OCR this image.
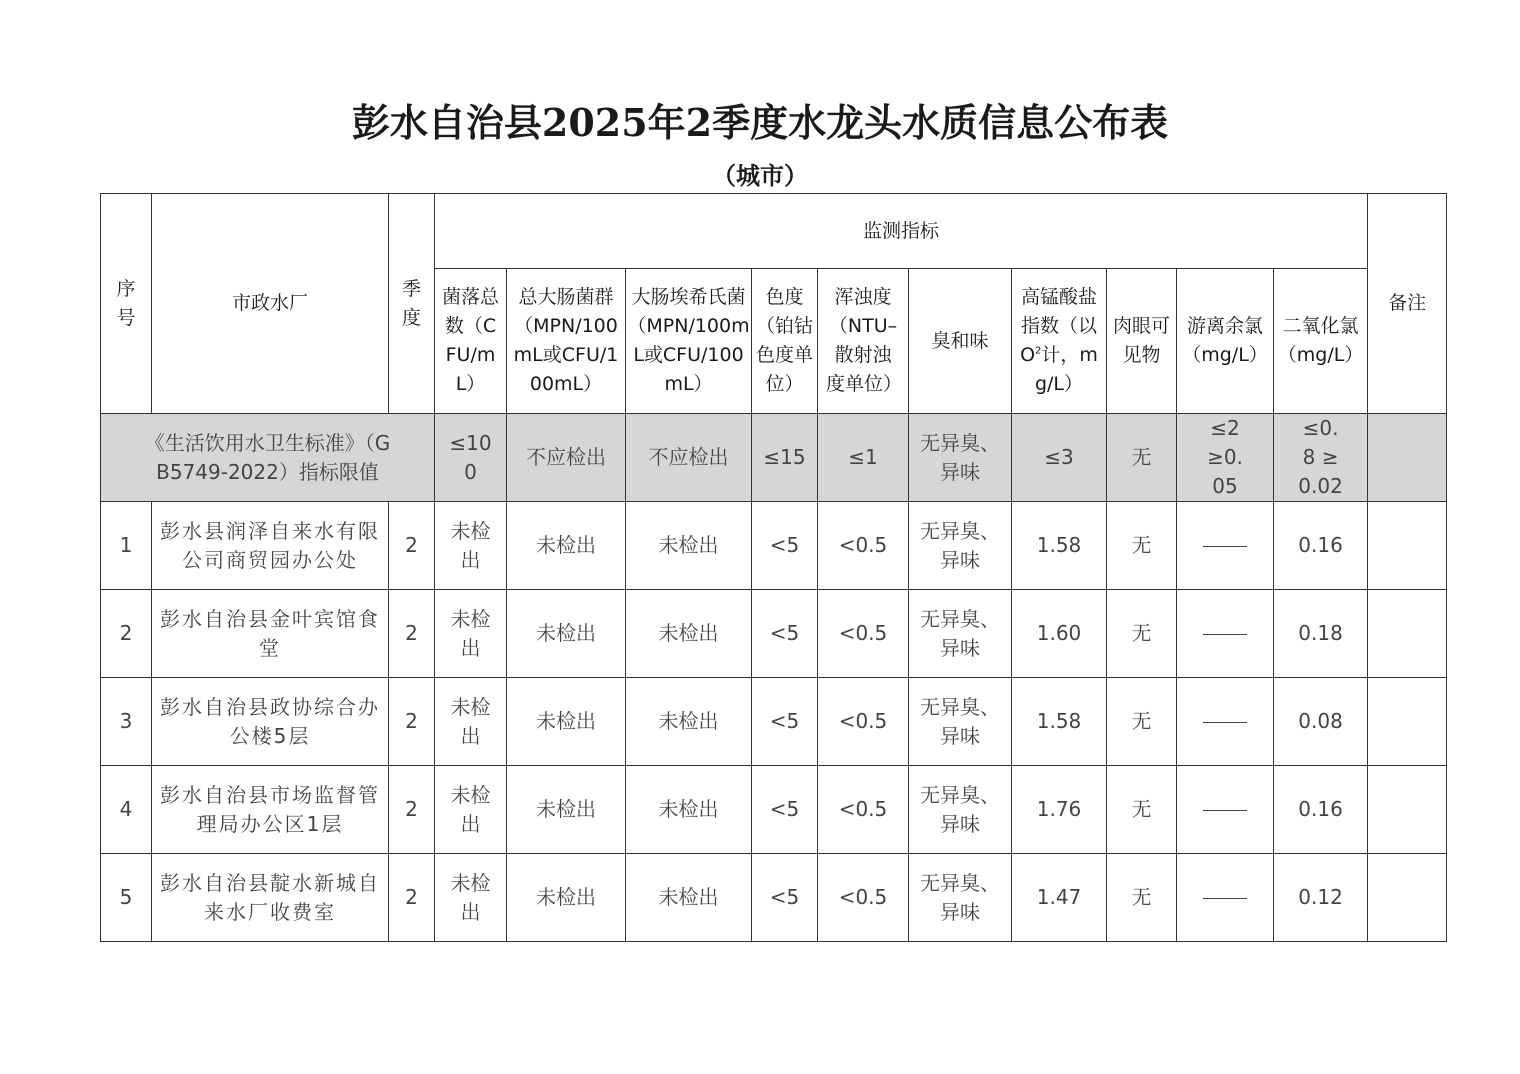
彭水自治县2025年2季度水龙头水质信息公布表
（城市）
序号	市政水厂	季度	监测指标										备注
			菌落总数（CFU/mL）	总大肠菌群（MPN/100mL或CFU/100mL）	大肠埃希氏菌（MPN/100mL或CFU/100mL）	色度（铂钴色度单位）	浑浊度（NTU–散射浊度单位）	臭和味	高锰酸盐指数（以$O^2$计，mg/L）	肉眼可见物	游离余氯（mg/L）	二氧化氯（mg/L）	
《生活饮用水卫生标准》（GB5749-2022）指标限值			≤100	不应检出	不应检出	≤15	≤1	无异臭、异味	≤3	无	≤2 ≥0.05	≤0.8 ≥0.02	
1	彭水县润泽自来水有限公司商贸园办公处	2	未检出	未检出	未检出	<5	<0.5	无异臭、异味	1.58	无		0.16	
2	彭水自治县金叶宾馆食堂	2	未检出	未检出	未检出	<5	<0.5	无异臭、异味	1.60	无		0.18	
3	彭水自治县政协综合办公楼5层	2	未检出	未检出	未检出	<5	<0.5	无异臭、异味	1.58	无		0.08	
4	彭水自治县市场监督管理局办公区1层	2	未检出	未检出	未检出	<5	<0.5	无异臭、异味	1.76	无		0.16	
5	彭水自治县靛水新城自来水厂收费室	2	未检出	未检出	未检出	<5	<0.5	无异臭、异味	1.47	无		0.12	
